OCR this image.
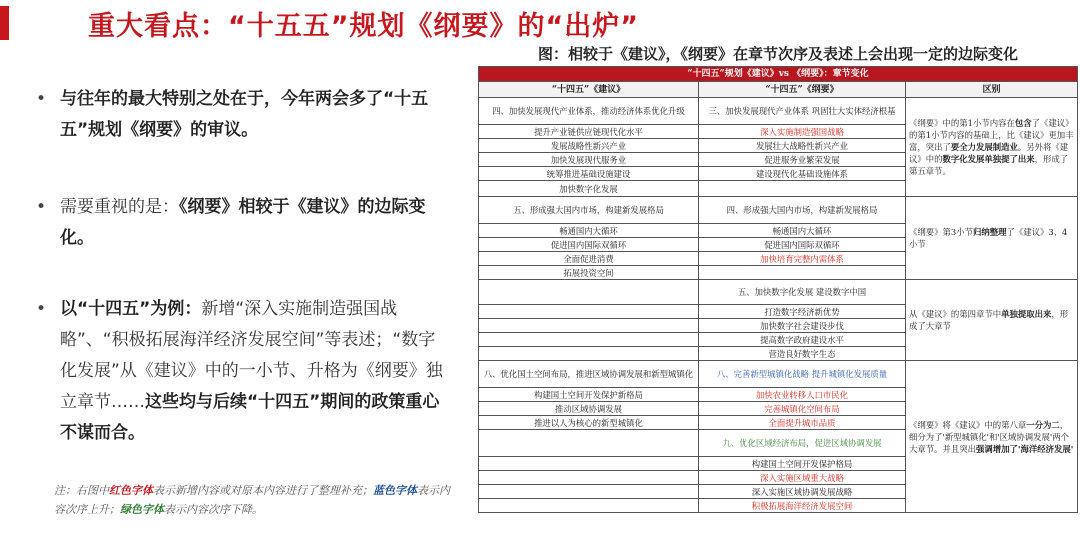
重大看点：“十五五”规划《纲要》的“出炉”
图：相较于《建议》，《纲要》在章节次序及表述上会出现一定的边际变化
• 与往年的最大特别之处在于，今年两会多了“十五五”规划《纲要》的审议。
• 需要重视的是：《纲要》相较于《建议》的边际变化。
• 以“十四五”为例：新增“深入实施制造强国战略”、“积极拓展海洋经济发展空间”等表述；“数字化发展”从《建议》中的一小节、升格为《纲要》独立章节……这些均与后续“十四五”期间的政策重心不谋而合。
注：右图中红色字体表示新增内容或对原本内容进行了整理补充；蓝色字体表示内容次序上升；绿色字体表示内容次序下降。
“十四五”规划《建议》vs 《纲要》：章节变化		
“十四五”《建议》	“十四五”《纲要》	区别
四、加快发展现代产业体系，推动经济体系优化升级	三、加快发展现代产业体系 巩固壮大实体经济根基	《纲要》中的第1小节内容在包含了《建议》的第1小节内容的基础上，比《建议》更加丰富，突出了要全力发展制造业。另外将《建议》中的数字化发展单独提了出来，形成了第五章节。
提升产业链供应链现代化水平	深入实施制造强国战略	
发展战略性新兴产业	发展壮大战略性新兴产业	
加快发展现代服务业	促进服务业繁荣发展	
统筹推进基础设施建设	建设现代化基础设施体系	
加快数字化发展		
五、形成强大国内市场，构建新发展格局	四、形成强大国内市场，构建新发展格局	《纲要》第3小节归纳整理了《建议》3、4小节
畅通国内大循环	畅通国内大循环	
促进国内国际双循环	促进国内国际双循环	
全面促进消费	加快培育完整内需体系	
拓展投资空间		
	五、加快数字化发展 建设数字中国	从《建议》的第四章节中单独提取出来，形成了大章节
	打造数字经济新优势	
	加快数字社会建设步伐	
	提高数字政府建设水平	
	营造良好数字生态	
八、优化国土空间布局，推进区域协调发展和新型城镇化	八、完善新型城镇化战略 提升城镇化发展质量	《纲要》将《建议》中的第八章一分为二，细分为了'新型城镇化'和'区域协调发展'两个大章节。并且突出强调增加了'海洋经济发展'
构建国土空间开发保护新格局	加快农业转移人口市民化	
推动区域协调发展	完善城镇化空间布局	
推进以人为核心的新型城镇化	全面提升城市品质	
	九、优化区域经济布局，促进区域协调发展	
	构建国土空间开发保护格局	
	深入实施区域重大战略	
	深入实施区域协调发展战略	
	积极拓展海洋经济发展空间	
